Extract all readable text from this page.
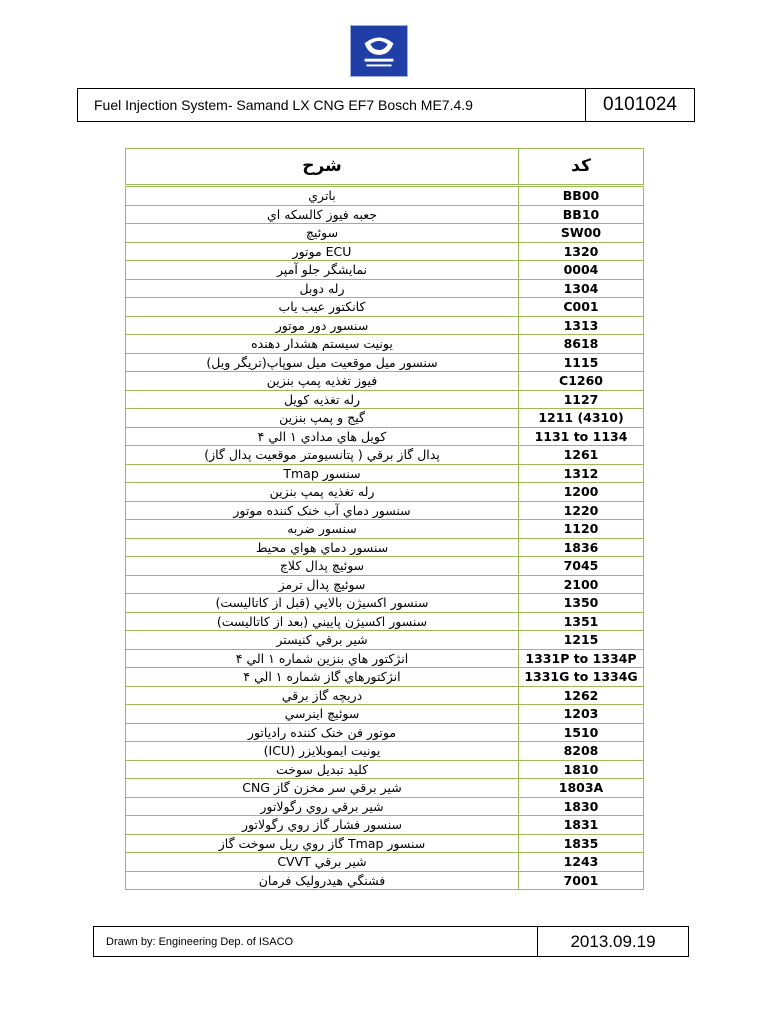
Fuel Injection System- Samand LX CNG EF7 Bosch ME7.4.9	0101024
شرح	کد
باتري	BB00
جعبه فيوز کالسکه اي	BB10
سوئيچ	SW00
ECU موتور	1320
نمايشگر جلو آمپر	0004
رله دوبل	1304
کانکتور عيب ياب	C001
سنسور دور موتور	1313
يونيت سيستم هشدار دهنده	8618
سنسور ميل موقعيت ميل سوپاپ(تريگر ويل)	1115
فيوز تغذيه پمپ بنزين	C1260
رله تغذيه کويل	1127
گيج و پمپ بنزين	1211 (4310)
کويل هاي مدادي ۱ الي ۴	1131 to 1134
پدال گاز برقي ( پتانسيومتر موقعيت پدال گاز)	1261
سنسور Tmap	1312
رله تغذيه پمپ بنزين	1200
سنسور دماي آب خنک کننده موتور	1220
سنسور ضربه	1120
سنسور دماي هواي محيط	1836
سوئيچ پدال کلاچ	7045
سوئيچ پدال ترمز	2100
سنسور اکسيژن بالايي (قبل از کاتاليست)	1350
سنسور اکسيژن پاييني (بعد از کاتاليست)	1351
شير برقي کنيستر	1215
انژکتور هاي بنزين شماره ۱ الي ۴	1331P to 1334P
انژکتورهاي گاز شماره ۱ الي ۴	1331G to 1334G
دريچه گاز برقي	1262
سوئيچ اينرسي	1203
موتور فن خنک کننده رادياتور	1510
يونيت ايموبلايزر (ICU)	8208
کليد تبديل سوخت	1810
شير برقي سر مخزن گاز CNG	1803A
شير برقي روي رگولاتور	1830
سنسور فشار گاز روي رگولاتور	1831
سنسور Tmap گاز روي ريل سوخت گاز	1835
شير برقي CVVT	1243
فشنگي هيدروليک فرمان	7001
Drawn by: Engineering Dep. of ISACO	2013.09.19
